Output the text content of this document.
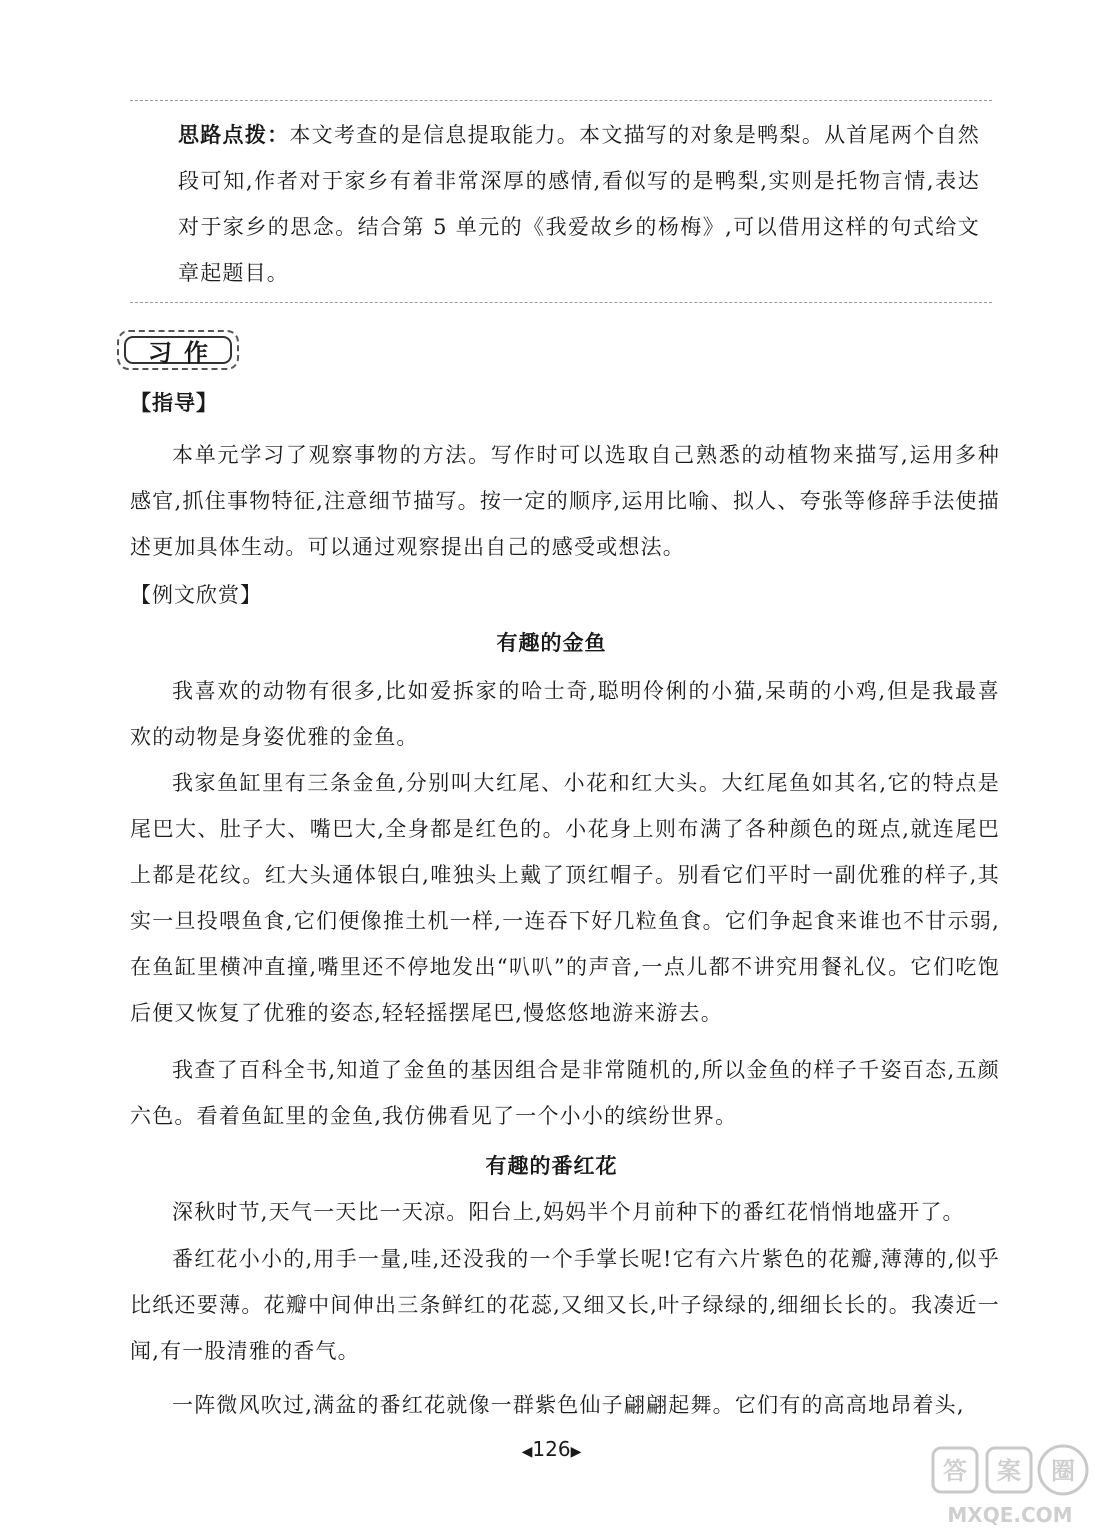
思路点拨：本文考查的是信息提取能力。本文描写的对象是鸭梨。从首尾两个自然段可知,作者对于家乡有着非常深厚的感情,看似写的是鸭梨,实则是托物言情,表达对于家乡的思念。结合第 5 单元的《我爱故乡的杨梅》,可以借用这样的句式给文章起题目。
习作
【指导】
本单元学习了观察事物的方法。写作时可以选取自己熟悉的动植物来描写,运用多种感官,抓住事物特征,注意细节描写。按一定的顺序,运用比喻、拟人、夸张等修辞手法使描述更加具体生动。可以通过观察提出自己的感受或想法。
【例文欣赏】
有趣的金鱼
我喜欢的动物有很多,比如爱拆家的哈士奇,聪明伶俐的小猫,呆萌的小鸡,但是我最喜欢的动物是身姿优雅的金鱼。
我家鱼缸里有三条金鱼,分别叫大红尾、小花和红大头。大红尾鱼如其名,它的特点是尾巴大、肚子大、嘴巴大,全身都是红色的。小花身上则布满了各种颜色的斑点,就连尾巴上都是花纹。红大头通体银白,唯独头上戴了顶红帽子。别看它们平时一副优雅的样子,其实一旦投喂鱼食,它们便像推土机一样,一连吞下好几粒鱼食。它们争起食来谁也不甘示弱,在鱼缸里横冲直撞,嘴里还不停地发出“叭叭”的声音,一点儿都不讲究用餐礼仪。它们吃饱后便又恢复了优雅的姿态,轻轻摇摆尾巴,慢悠悠地游来游去。
我查了百科全书,知道了金鱼的基因组合是非常随机的,所以金鱼的样子千姿百态,五颜六色。看着鱼缸里的金鱼,我仿佛看见了一个小小的缤纷世界。
有趣的番红花
深秋时节,天气一天比一天凉。阳台上,妈妈半个月前种下的番红花悄悄地盛开了。
番红花小小的,用手一量,哇,还没我的一个手掌长呢!它有六片紫色的花瓣,薄薄的,似乎比纸还要薄。花瓣中间伸出三条鲜红的花蕊,又细又长,叶子绿绿的,细细长长的。我凑近一闻,有一股清雅的香气。
一阵微风吹过,满盆的番红花就像一群紫色仙子翩翩起舞。它们有的高高地昂着头,
◀126▶
答 案 圈
MXQE.COM
